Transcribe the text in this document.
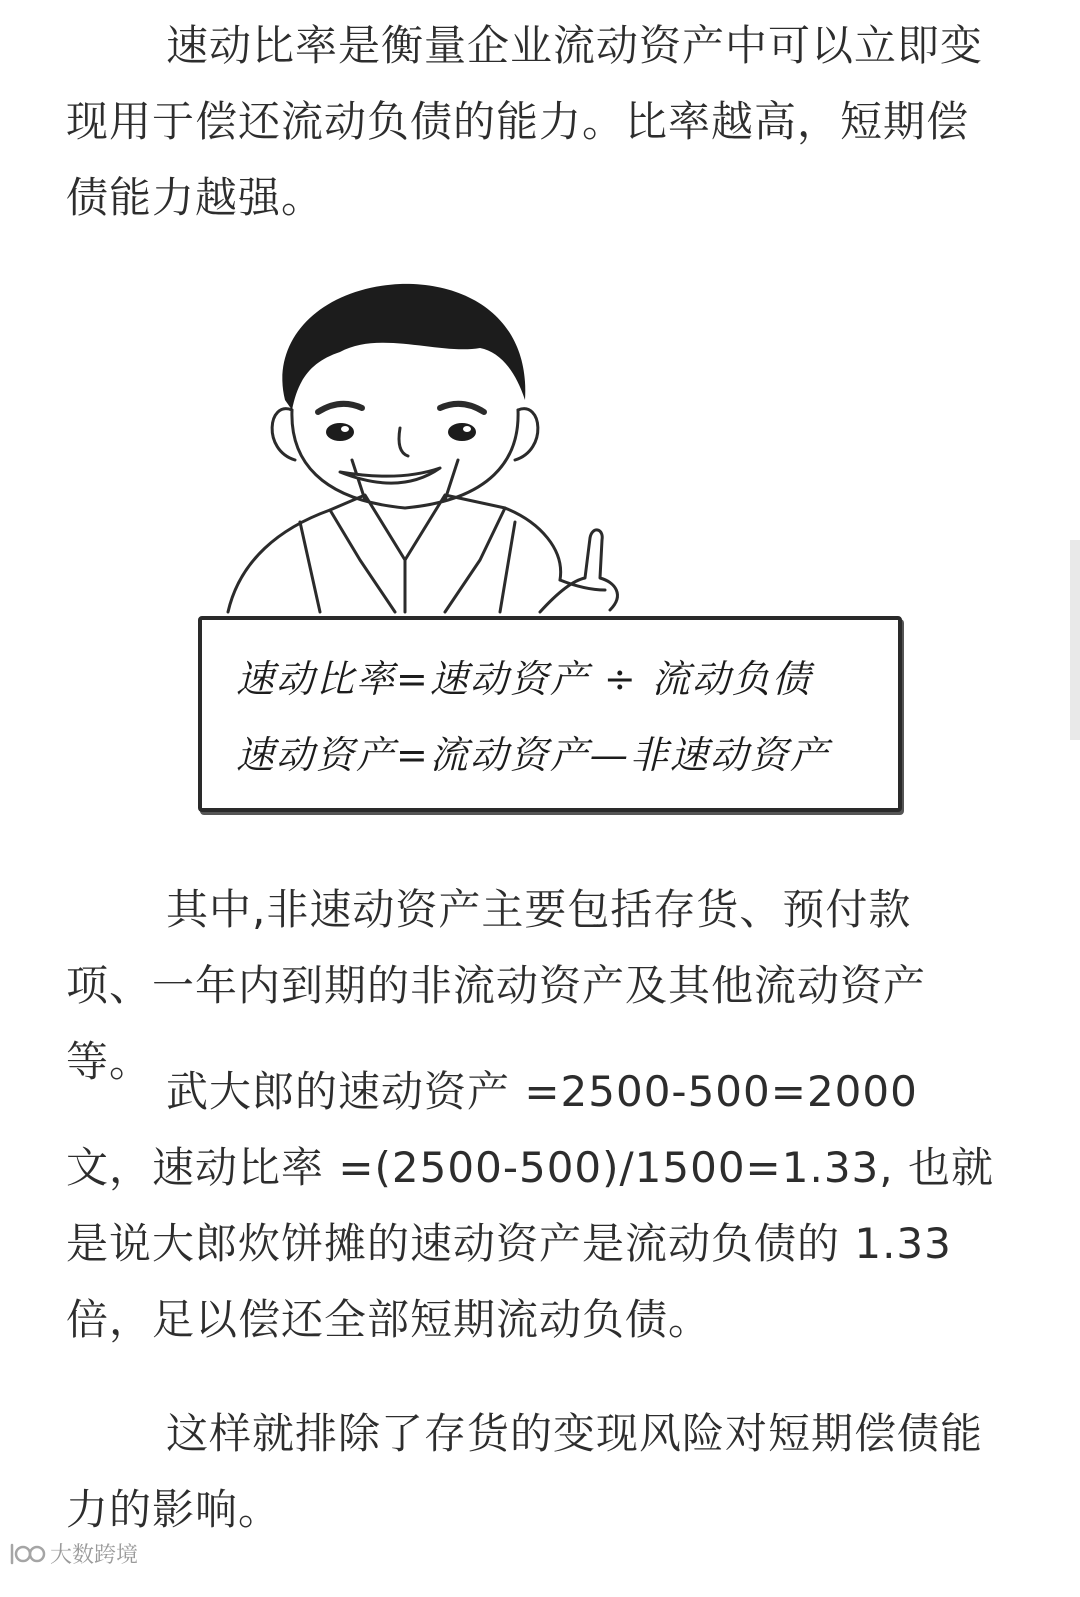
速动比率是衡量企业流动资产中可以立即变现用于偿还流动负债的能力。比率越高，短期偿债能力越强。

速动比率=速动资产 ÷ 流动负债
速动资产=流动资产—非速动资产

其中,非速动资产主要包括存货、预付款项、一年内到期的非流动资产及其他流动资产等。

武大郎的速动资产 =2500-500=2000 文，速动比率 =(2500-500)/1500=1.33, 也就是说大郎炊饼摊的速动资产是流动负债的 1.33 倍，足以偿还全部短期流动负债。

这样就排除了存货的变现风险对短期偿债能力的影响。

大数跨境
